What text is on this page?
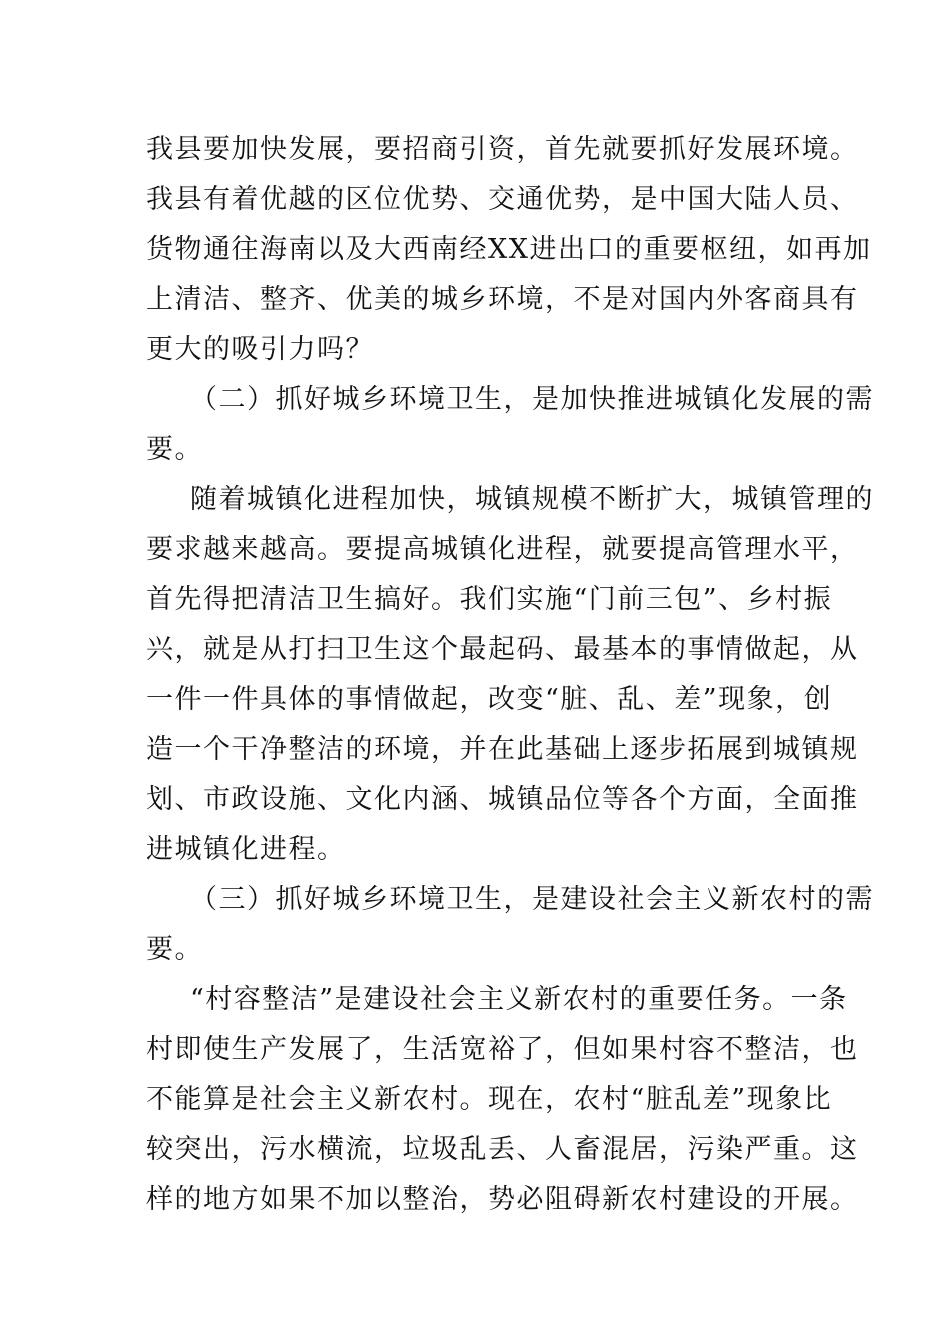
我县要加快发展，要招商引资，首先就要抓好发展环境。
我县有着优越的区位优势、交通优势，是中国大陆人员、
货物通往海南以及大西南经XX进出口的重要枢纽，如再加
上清洁、整齐、优美的城乡环境，不是对国内外客商具有
更大的吸引力吗？
（二）抓好城乡环境卫生，是加快推进城镇化发展的需
要。
随着城镇化进程加快，城镇规模不断扩大，城镇管理的
要求越来越高。要提高城镇化进程，就要提高管理水平，
首先得把清洁卫生搞好。我们实施“门前三包”、乡村振
兴，就是从打扫卫生这个最起码、最基本的事情做起，从
一件一件具体的事情做起，改变“脏、乱、差”现象，创
造一个干净整洁的环境，并在此基础上逐步拓展到城镇规
划、市政设施、文化内涵、城镇品位等各个方面，全面推
进城镇化进程。
（三）抓好城乡环境卫生，是建设社会主义新农村的需
要。
“村容整洁”是建设社会主义新农村的重要任务。一条
村即使生产发展了，生活宽裕了，但如果村容不整洁，也
不能算是社会主义新农村。现在，农村“脏乱差”现象比
较突出，污水横流，垃圾乱丢、人畜混居，污染严重。这
样的地方如果不加以整治，势必阻碍新农村建设的开展。
